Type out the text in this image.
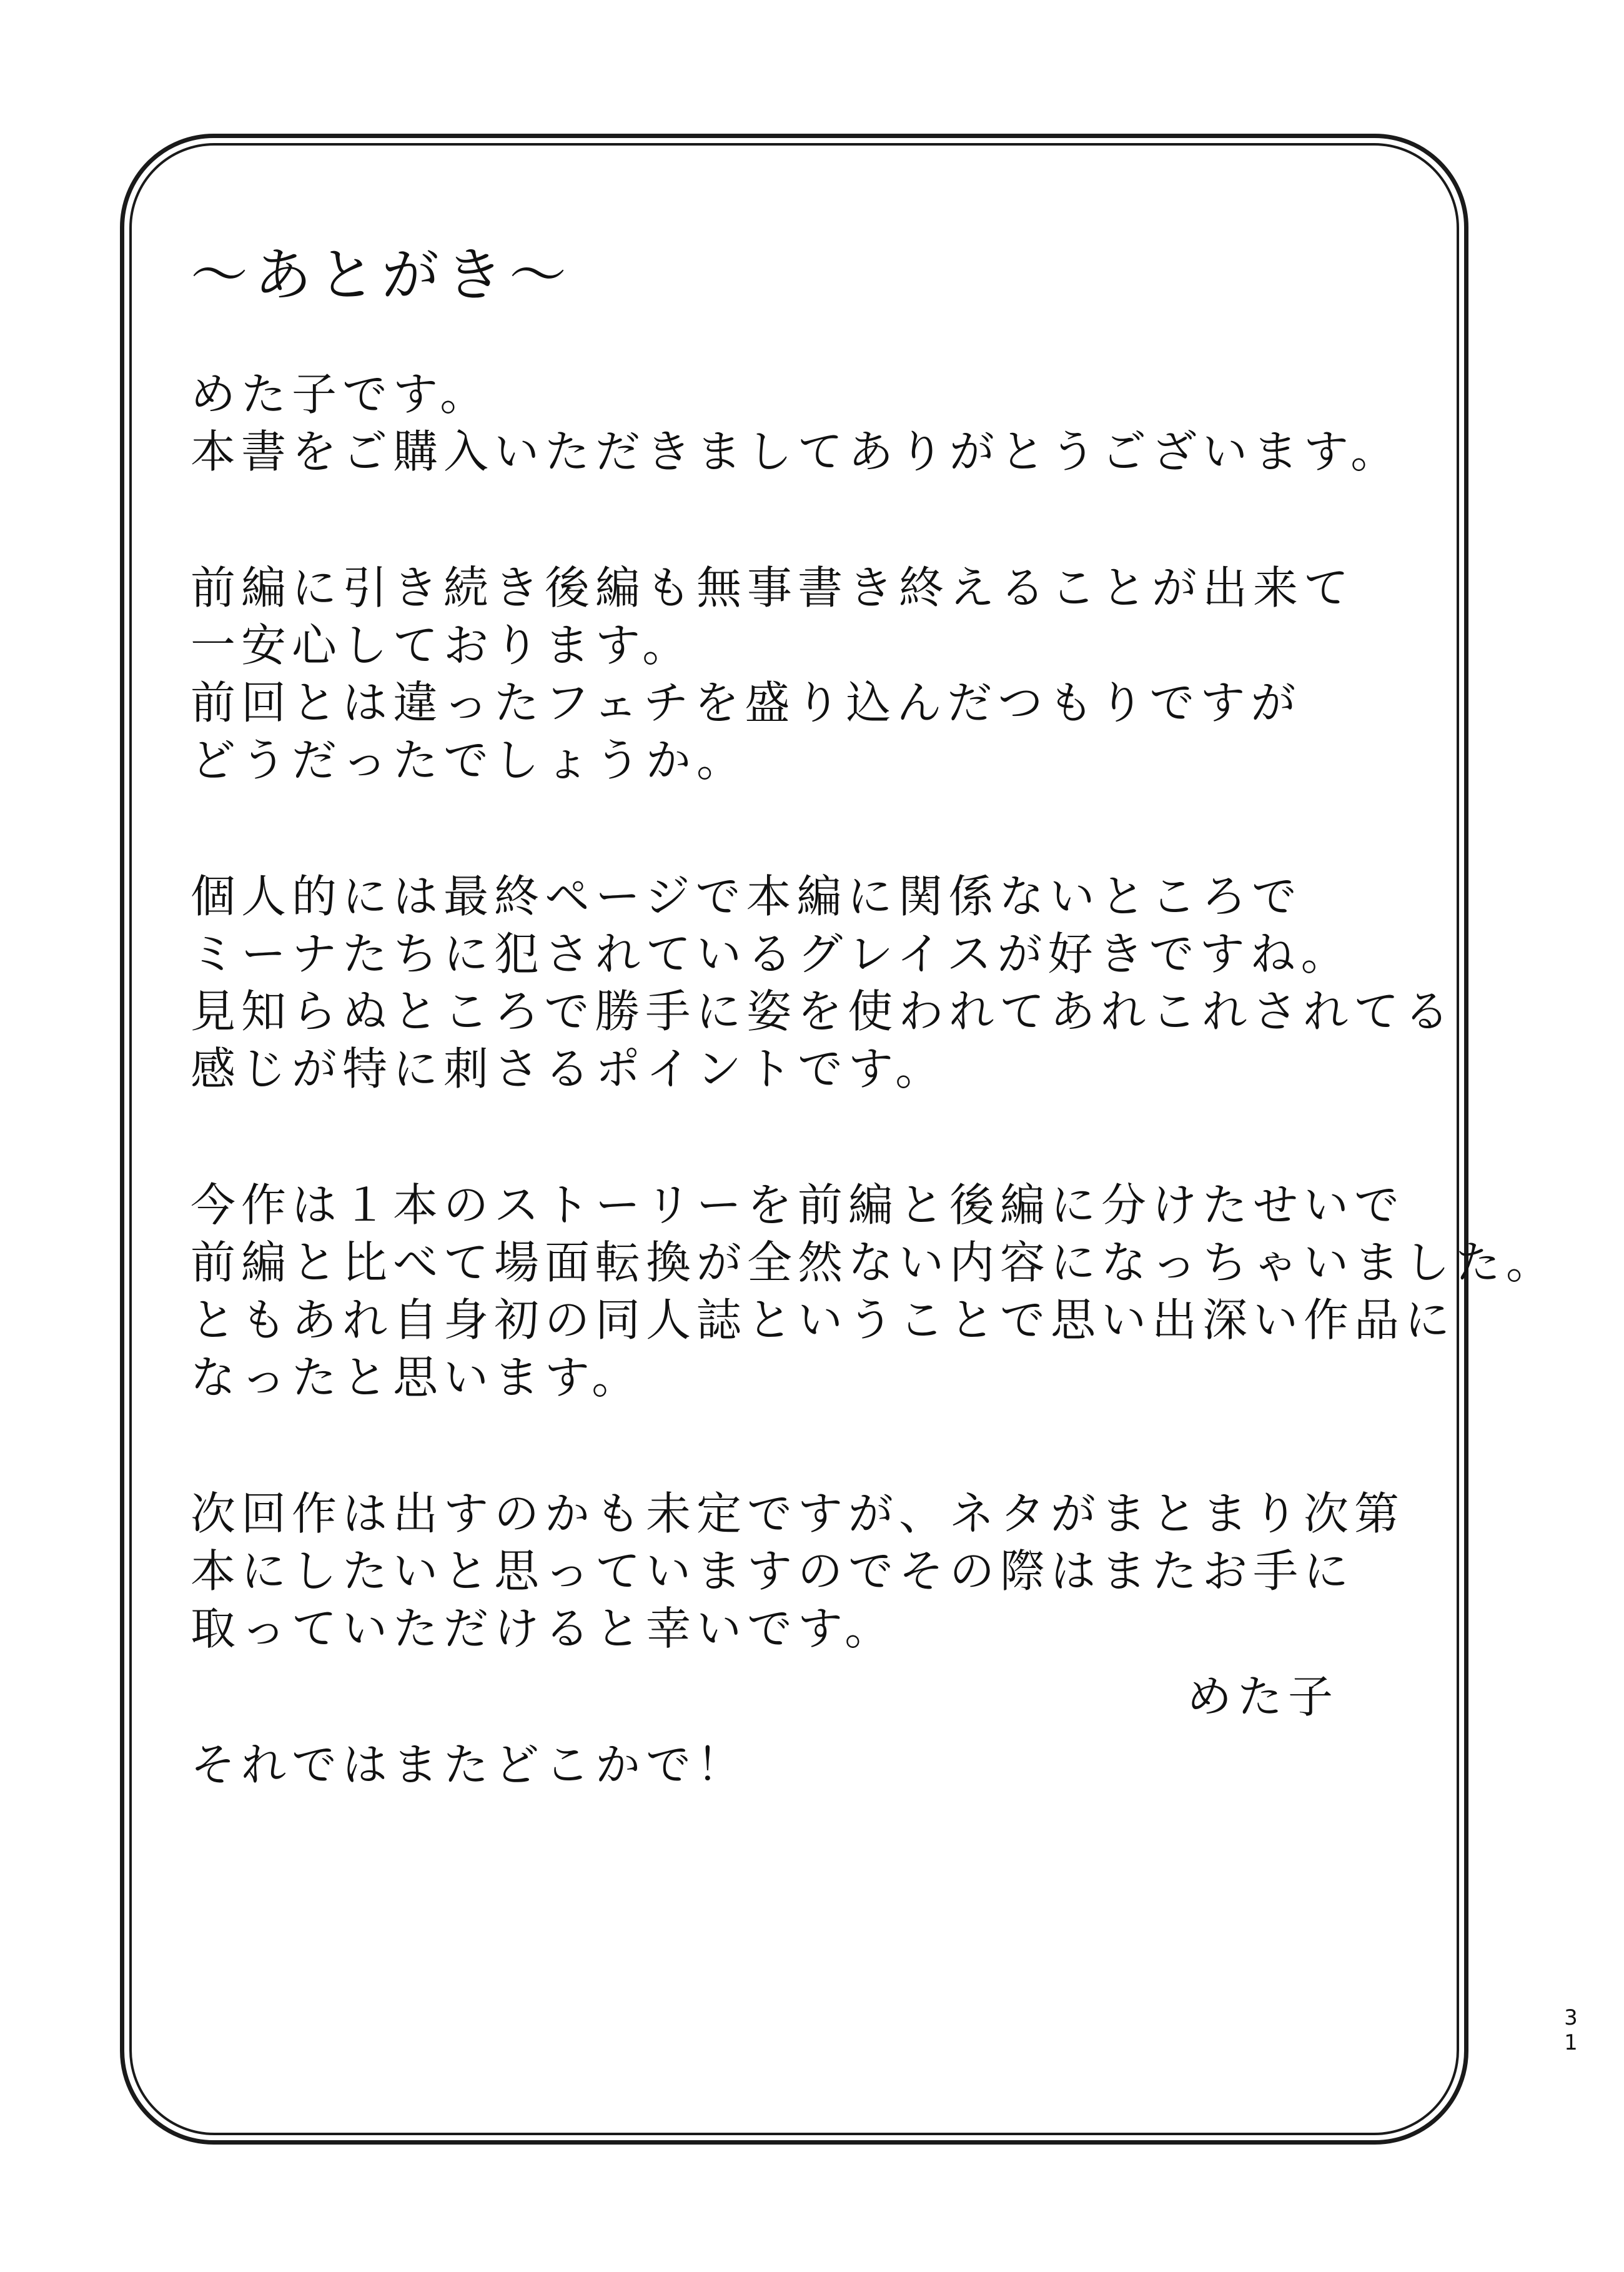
～あとがき～
めた子です。
本書をご購入いただきましてありがとうございます。
前編に引き続き後編も無事書き終えることが出来て
一安心しております。
前回とは違ったフェチを盛り込んだつもりですが
どうだったでしょうか。
個人的には最終ページで本編に関係ないところで
ミーナたちに犯されているグレイスが好きですね。
見知らぬところで勝手に姿を使われてあれこれされてる
感じが特に刺さるポイントです。
今作は１本のストーリーを前編と後編に分けたせいで
前編と比べて場面転換が全然ない内容になっちゃいました。
ともあれ自身初の同人誌ということで思い出深い作品に
なったと思います。
次回作は出すのかも未定ですが、ネタがまとまり次第
本にしたいと思っていますのでその際はまたお手に
取っていただけると幸いです。
それではまたどこかで！
めた子
3
1
